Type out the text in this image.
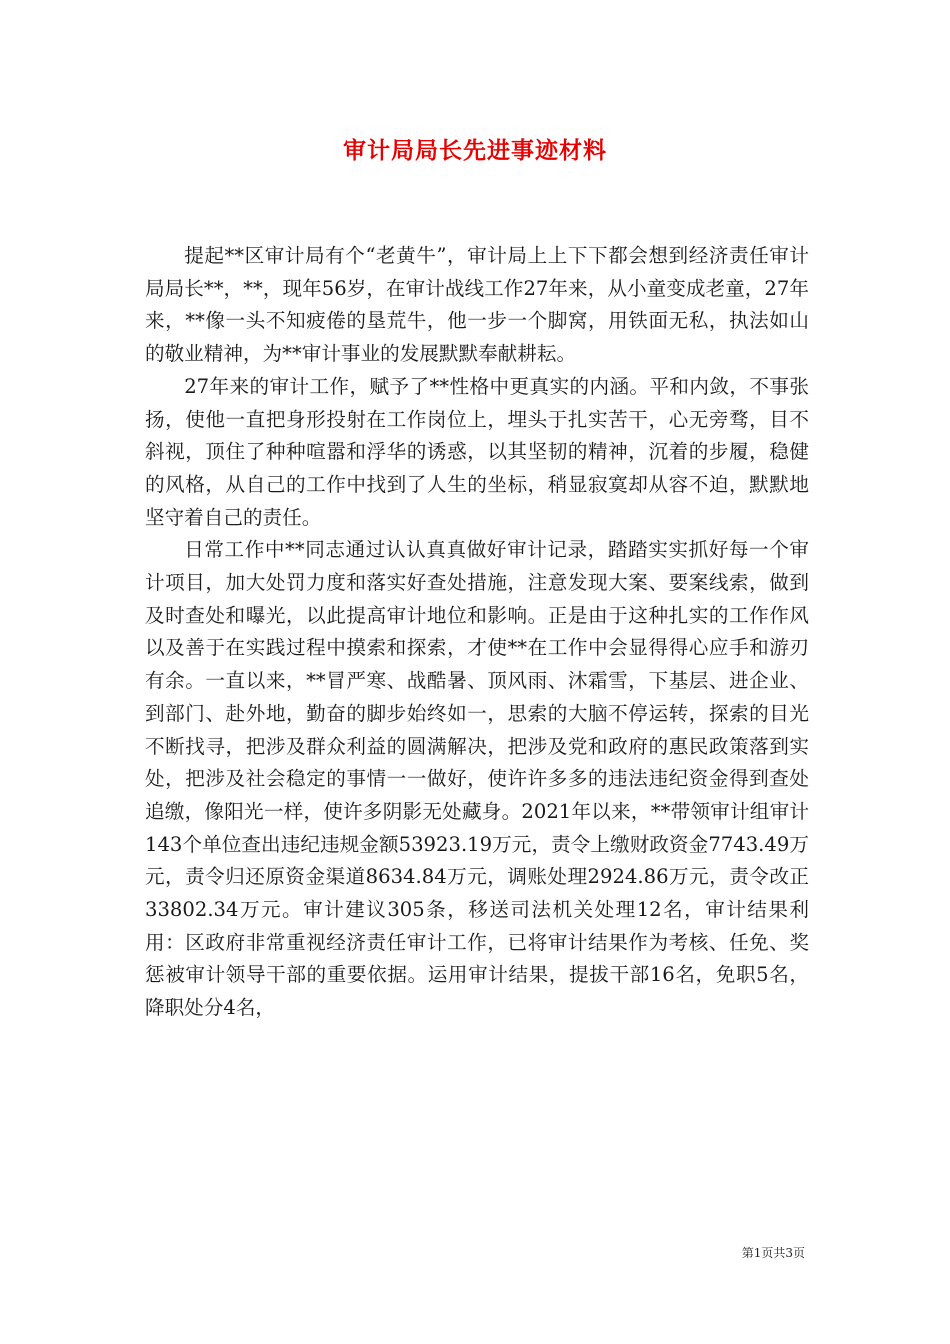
审计局局长先进事迹材料

提起**区审计局有个“老黄牛”，审计局上上下下都会想到经济责任审计局局长**，**，现年56岁，在审计战线工作27年来，从小童变成老童，27年来，**像一头不知疲倦的垦荒牛，他一步一个脚窝，用铁面无私，执法如山的敬业精神，为**审计事业的发展默默奉献耕耘。

27年来的审计工作，赋予了**性格中更真实的内涵。平和内敛，不事张扬，使他一直把身形投射在工作岗位上，埋头于扎实苦干，心无旁骛，目不斜视，顶住了种种喧嚣和浮华的诱惑，以其坚韧的精神，沉着的步履，稳健的风格，从自己的工作中找到了人生的坐标，稍显寂寞却从容不迫，默默地坚守着自己的责任。

日常工作中**同志通过认认真真做好审计记录，踏踏实实抓好每一个审计项目，加大处罚力度和落实好查处措施，注意发现大案、要案线索，做到及时查处和曝光，以此提高审计地位和影响。正是由于这种扎实的工作作风以及善于在实践过程中摸索和探索，才使**在工作中会显得得心应手和游刃有余。一直以来，**冒严寒、战酷暑、顶风雨、沐霜雪，下基层、进企业、到部门、赴外地，勤奋的脚步始终如一，思索的大脑不停运转，探索的目光不断找寻，把涉及群众利益的圆满解决，把涉及党和政府的惠民政策落到实处，把涉及社会稳定的事情一一做好，使许许多多的违法违纪资金得到查处追缴，像阳光一样，使许多阴影无处藏身。2021年以来，**带领审计组审计143个单位查出违纪违规金额53923.19万元，责令上缴财政资金7743.49万元，责令归还原资金渠道8634.84万元，调账处理2924.86万元，责令改正33802.34万元。审计建议305条，移送司法机关处理12名，审计结果利用：区政府非常重视经济责任审计工作，已将审计结果作为考核、任免、奖惩被审计领导干部的重要依据。运用审计结果，提拔干部16名，免职5名，降职处分4名，

第1页共3页
